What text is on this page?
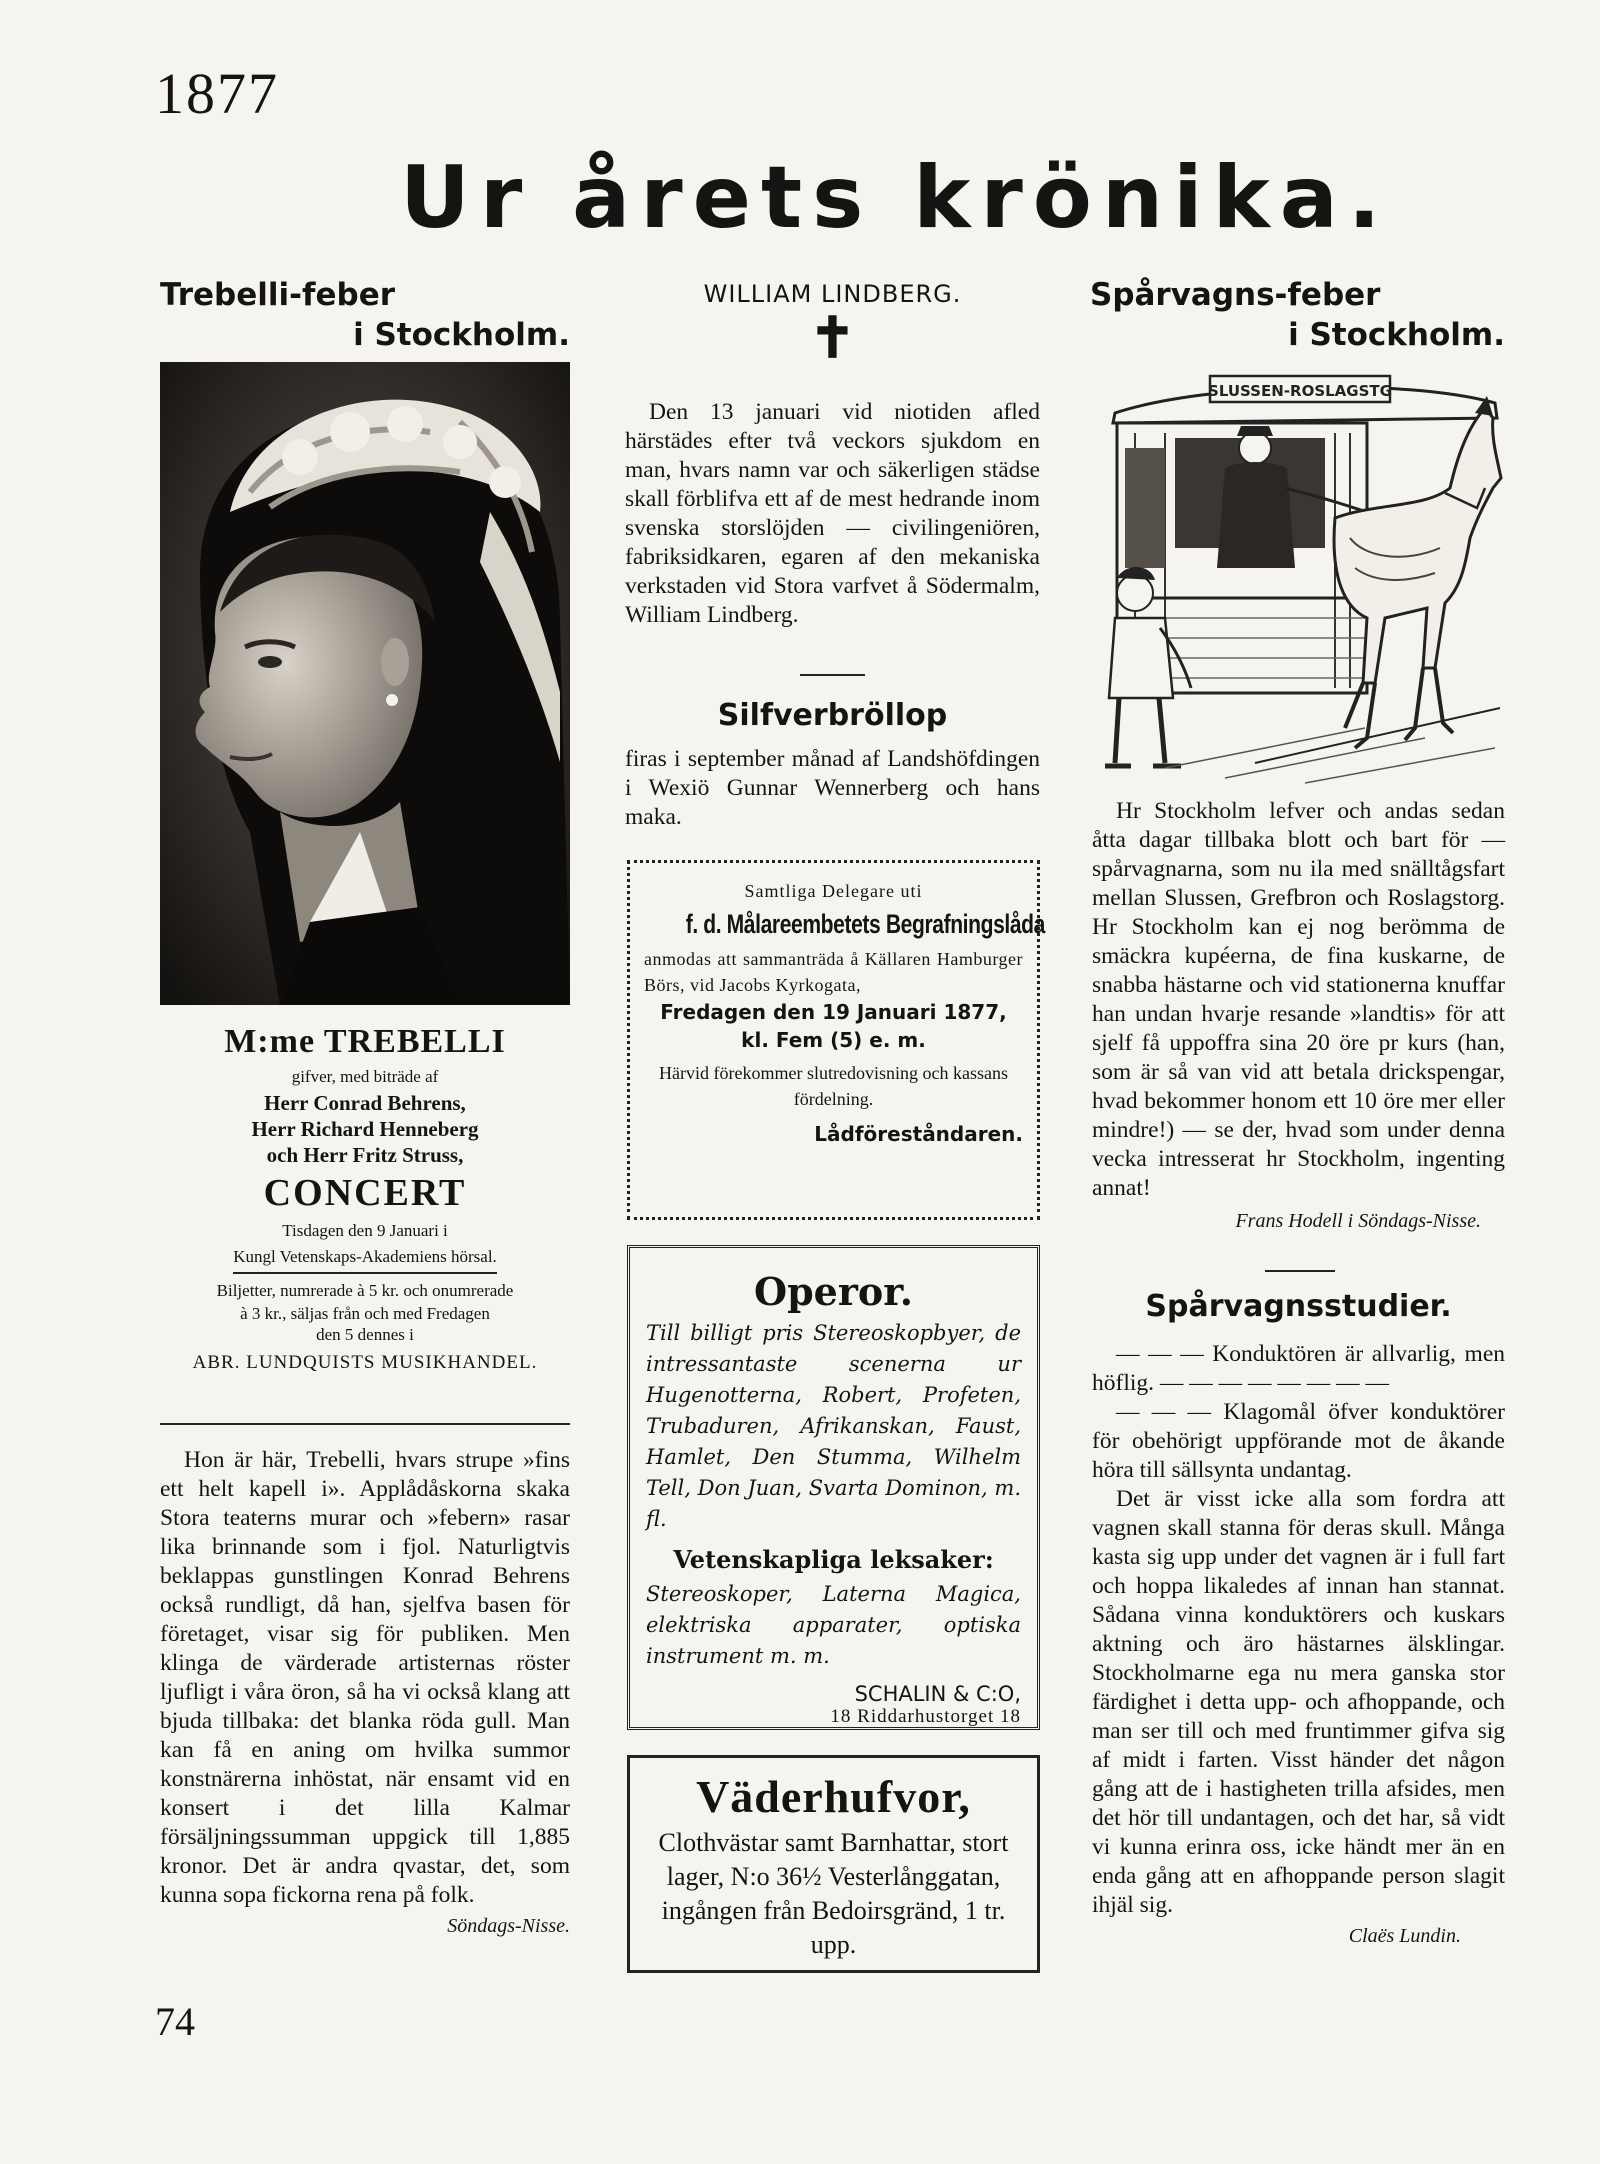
1877
Ur årets krönika.
Trebelli-feber
i Stockholm.
M:me TREBELLI
gifver, med biträde af
Herr Conrad Behrens,
Herr Richard Henneberg
och Herr Fritz Struss,
CONCERT
Tisdagen den 9 Januari i
Kungl Vetenskaps-Akademiens hörsal.
Biljetter, numrerade à 5 kr. och onumrerade
à 3 kr., säljas från och med Fredagen
den 5 dennes i
ABR. LUNDQUISTS MUSIKHANDEL.

Hon är här, Trebelli, hvars strupe »fins ett helt kapell i». Applådåskorna skaka Stora teaterns murar och »febern» rasar lika brinnande som i fjol. Naturligtvis beklappas gunstlingen Konrad Behrens också rundligt, då han, sjelfva basen för företaget, visar sig för publiken. Men klinga de värderade artisternas röster ljufligt i våra öron, så ha vi också klang att bjuda tillbaka: det blanka röda gull. Man kan få en aning om hvilka summor konstnärerna inhöstat, när ensamt vid en konsert i det lilla Kalmar försäljningssumman uppgick till 1,885 kronor. Det är andra qvastar, det, som kunna sopa fickorna rena på folk.

Söndags-Nisse.
74
WILLIAM LINDBERG.
✝

Den 13 januari vid niotiden afled härstädes efter två veckors sjukdom en man, hvars namn var och säkerligen städse skall förblifva ett af de mest hedrande inom svenska storslöjden — civilingeniören, fabriksidkaren, egaren af den mekaniska verkstaden vid Stora varfvet å Södermalm, William Lindberg.

Silfverbröllop

firas i september månad af Landshöfdingen i Wexiö Gunnar Wennerberg och hans maka.

Samtliga Delegare uti
f. d. Målareembetets Begrafningslåda
anmodas att sammanträda å Källaren Hamburger Börs, vid Jacobs Kyrkogata,
Fredagen den 19 Januari 1877,
kl. Fem (5) e. m.
Härvid förekommer slutredovisning och kassans fördelning.
Lådföreståndaren.
Operor.
Till billigt pris Stereoskopbyer, de intressantaste scenerna ur Hugenotterna, Robert, Profeten, Trubaduren, Afrikanskan, Faust, Hamlet, Den Stumma, Wilhelm Tell, Don Juan, Svarta Dominon, m. fl.
Vetenskapliga leksaker:
Stereoskoper, Laterna Magica, elektriska apparater, optiska instrument m. m.
SCHALIN & C:O,
18 Riddarhustorget 18
Väderhufvor,
Clothvästar samt Barnhattar, stort lager, N:o 36½ Vesterlånggatan, ingången från Bedoirsgränd, 1 tr. upp.
Spårvagns-feber
i Stockholm.
SLUSSEN-ROSLAGSTG

Hr Stockholm lefver och andas sedan åtta dagar tillbaka blott och bart för — spårvagnarna, som nu ila med snälltågsfart mellan Slussen, Grefbron och Roslagstorg. Hr Stockholm kan ej nog berömma de smäckra kupéerna, de fina kuskarne, de snabba hästarne och vid stationerna knuffar han undan hvarje resande »landtis» för att sjelf få uppoffra sina 20 öre pr kurs (han, som är så van vid att betala drickspengar, hvad bekommer honom ett 10 öre mer eller mindre!) — se der, hvad som under denna vecka intresserat hr Stockholm, ingenting annat!

Frans Hodell i Söndags-Nisse.
Spårvagnsstudier.

— — — Konduktören är allvarlig, men höflig. — — — — — — — —

— — — Klagomål öfver konduktörer för obehörigt uppförande mot de åkande höra till sällsynta undantag.

Det är visst icke alla som fordra att vagnen skall stanna för deras skull. Många kasta sig upp under det vagnen är i full fart och hoppa likaledes af innan han stannat. Sådana vinna konduktörers och kuskars aktning och äro hästarnes älsklingar. Stockholmarne ega nu mera ganska stor färdighet i detta upp- och afhoppande, och man ser till och med fruntimmer gifva sig af midt i farten. Visst händer det någon gång att de i hastigheten trilla afsides, men det hör till undantagen, och det har, så vidt vi kunna erinra oss, icke händt mer än en enda gång att en afhoppande person slagit ihjäl sig.

Claës Lundin.
